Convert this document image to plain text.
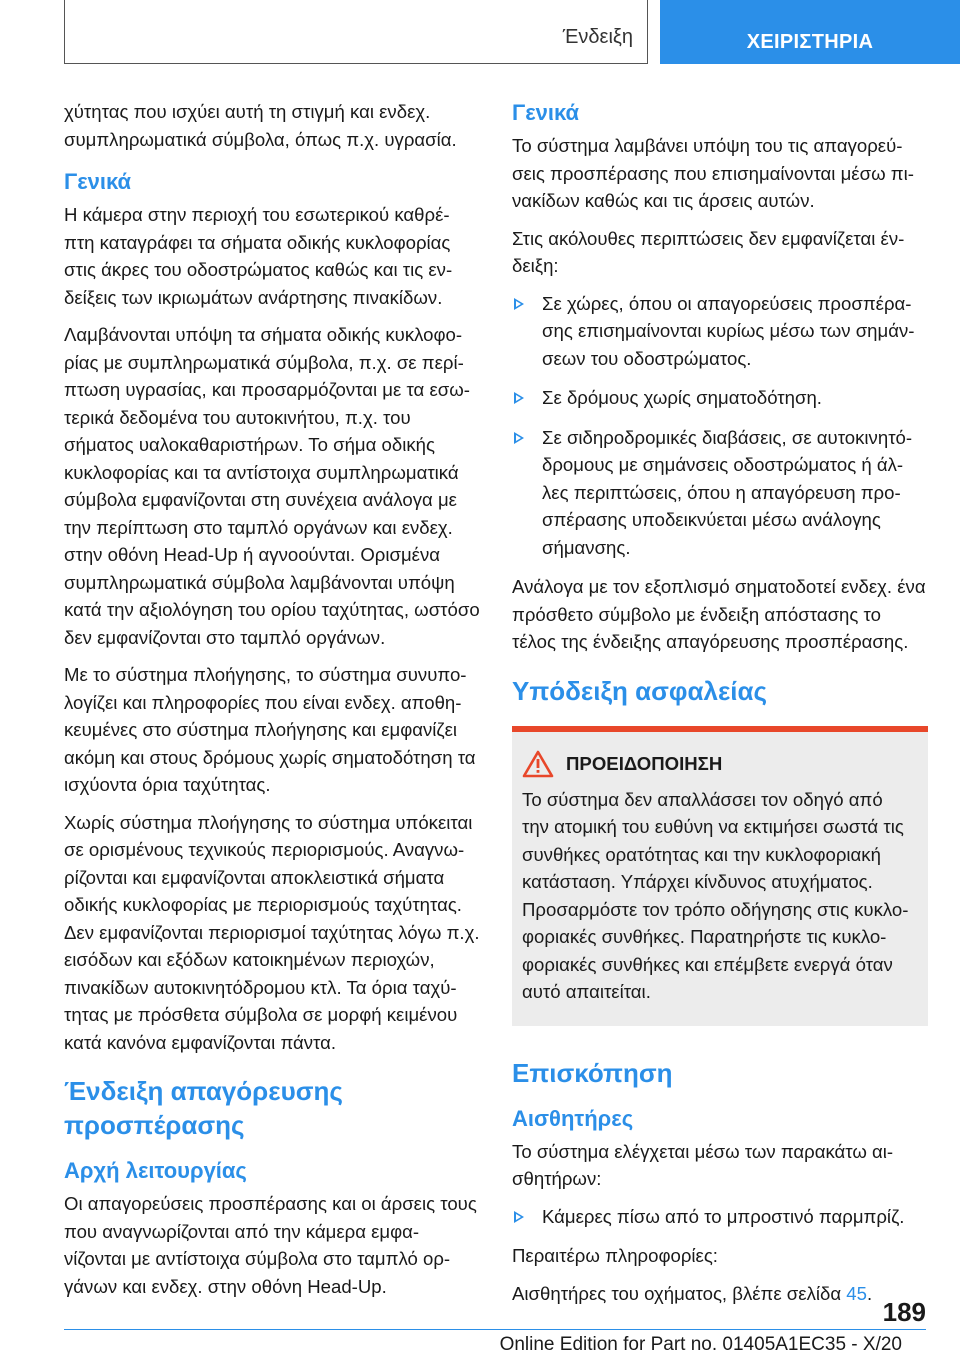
Ένδειξη	ΧΕΙΡΙΣΤΗΡΙΑ

χύτητας που ισχύει αυτή τη στιγμή και ενδεχ. συμπληρωματικά σύμβολα, όπως π.χ. υγρασία.

Γενικά

Η κάμερα στην περιοχή του εσωτερικού καθρέ-πτη καταγράφει τα σήματα οδικής κυκλοφορίας στις άκρες του οδοστρώματος καθώς και τις εν-δείξεις των ικριωμάτων ανάρτησης πινακίδων.

Λαμβάνονται υπόψη τα σήματα οδικής κυκλοφο-ρίας με συμπληρωματικά σύμβολα, π.χ. σε περί-πτωση υγρασίας, και προσαρμόζονται με τα εσω-τερικά δεδομένα του αυτοκινήτου, π.χ. του σήματος υαλοκαθαριστήρων. Το σήμα οδικής κυκλοφορίας και τα αντίστοιχα συμπληρωματικά σύμβολα εμφανίζονται στη συνέχεια ανάλογα με την περίπτωση στο ταμπλό οργάνων και ενδεχ. στην οθόνη Head-Up ή αγνοούνται. Ορισμένα συμπληρωματικά σύμβολα λαμβάνονται υπόψη κατά την αξιολόγηση του ορίου ταχύτητας, ωστόσο δεν εμφανίζονται στο ταμπλό οργάνων.

Με το σύστημα πλοήγησης, το σύστημα συνυπο-λογίζει και πληροφορίες που είναι ενδεχ. αποθη-κευμένες στο σύστημα πλοήγησης και εμφανίζει ακόμη και στους δρόμους χωρίς σηματοδότηση τα ισχύοντα όρια ταχύτητας.

Χωρίς σύστημα πλοήγησης το σύστημα υπόκειται σε ορισμένους τεχνικούς περιορισμούς. Αναγνω-ρίζονται και εμφανίζονται αποκλειστικά σήματα οδικής κυκλοφορίας με περιορισμούς ταχύτητας. Δεν εμφανίζονται περιορισμοί ταχύτητας λόγω π.χ. εισόδων και εξόδων κατοικημένων περιοχών, πινακίδων αυτοκινητόδρομου κτλ. Τα όρια ταχύ-τητας με πρόσθετα σύμβολα σε μορφή κειμένου κατά κανόνα εμφανίζονται πάντα.

Ένδειξη απαγόρευσης προσπέρασης
Αρχή λειτουργίας

Οι απαγορεύσεις προσπέρασης και οι άρσεις τους που αναγνωρίζονται από την κάμερα εμφα-νίζονται με αντίστοιχα σύμβολα στο ταμπλό ορ-γάνων και ενδεχ. στην οθόνη Head-Up.

Γενικά

Το σύστημα λαμβάνει υπόψη του τις απαγορεύ-σεις προσπέρασης που επισημαίνονται μέσω πι-νακίδων καθώς και τις άρσεις αυτών.

Στις ακόλουθες περιπτώσεις δεν εμφανίζεται έν-δειξη:

Σε χώρες, όπου οι απαγορεύσεις προσπέρα-σης επισημαίνονται κυρίως μέσω των σημάν-σεων του οδοστρώματος.
Σε δρόμους χωρίς σηματοδότηση.
Σε σιδηροδρομικές διαβάσεις, σε αυτοκινητό-δρομους με σημάνσεις οδοστρώματος ή άλ-λες περιπτώσεις, όπου η απαγόρευση προ-σπέρασης υποδεικνύεται μέσω ανάλογης σήμανσης.

Ανάλογα με τον εξοπλισμό σηματοδοτεί ενδεχ. ένα πρόσθετο σύμβολο με ένδειξη απόστασης το τέλος της ένδειξης απαγόρευσης προσπέρασης.

Υπόδειξη ασφαλείας
ΠΡΟΕΙΔΟΠΟΙΗΣΗ

Το σύστημα δεν απαλλάσσει τον οδηγό από την ατομική του ευθύνη να εκτιμήσει σωστά τις συνθήκες ορατότητας και την κυκλοφοριακή κατάσταση. Υπάρχει κίνδυνος ατυχήματος. Προσαρμόστε τον τρόπο οδήγησης στις κυκλο-φοριακές συνθήκες. Παρατηρήστε τις κυκλο-φοριακές συνθήκες και επέμβετε ενεργά όταν αυτό απαιτείται.

Επισκόπηση
Αισθητήρες

Το σύστημα ελέγχεται μέσω των παρακάτω αι-σθητήρων:

Κάμερες πίσω από το μπροστινό παρμπρίζ.

Περαιτέρω πληροφορίες:

Αισθητήρες του οχήματος, βλέπε σελίδα 45.

189
Online Edition for Part no. 01405A1EC35 - X/20
